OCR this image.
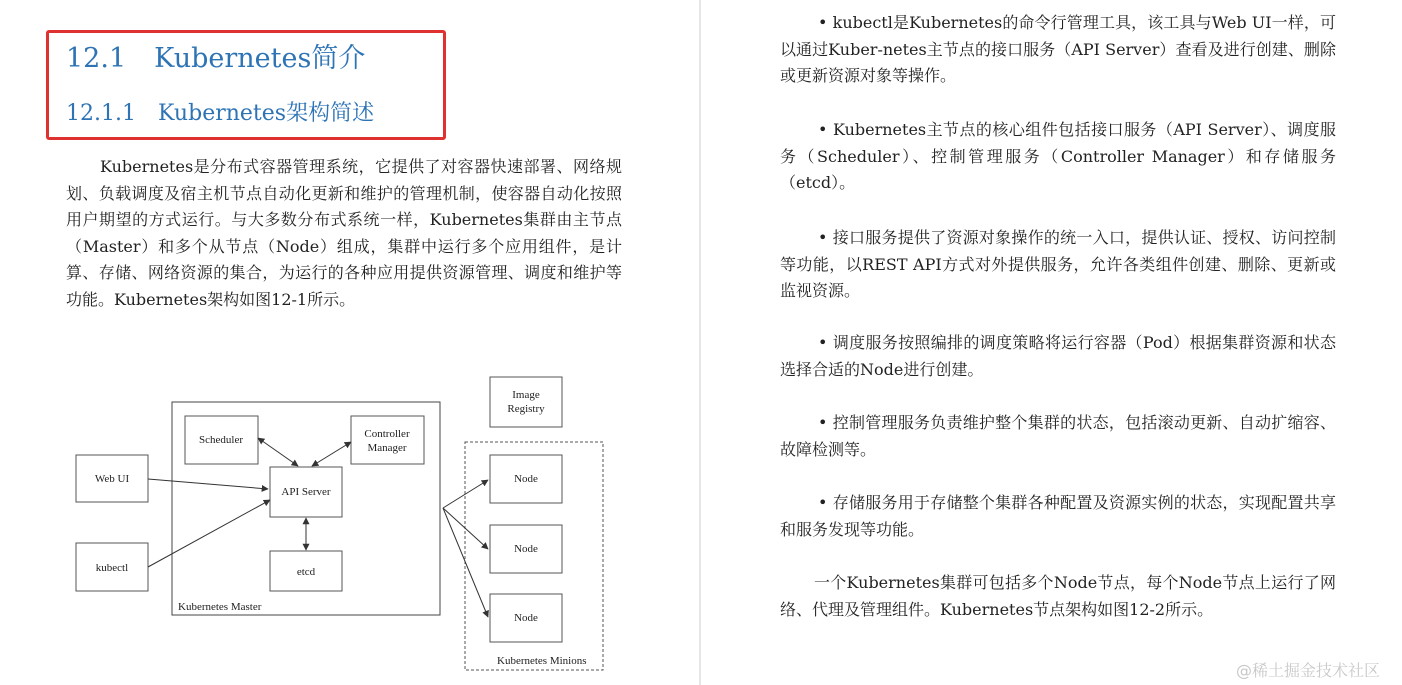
12.1 Kubernetes简介
12.1.1 Kubernetes架构简述
Kubernetes是分布式容器管理系统，它提供了对容器快速部署、网络规划、负载调度及宿主机节点自动化更新和维护的管理机制，使容器自动化按照用户期望的方式运行。与大多数分布式系统一样，Kubernetes集群由主节点（Master）和多个从节点（Node）组成，集群中运行多个应用组件，是计算、存储、网络资源的集合，为运行的各种应用提供资源管理、调度和维护等功能。Kubernetes架构如图12-1所示。
Kubernetes Master
Kubernetes Minions
Web UI
kubectl
Scheduler	Controller
Manager
API Server
etcd
Image
Registry
Node
Node
Node
• kubectl是Kubernetes的命令行管理工具，该工具与Web UI一样，可以通过Kuber-netes主节点的接口服务（API Server）查看及进行创建、删除或更新资源对象等操作。
• Kubernetes主节点的核心组件包括接口服务（API Server）、调度服务（Scheduler）、控制管理服务（Controller Manager）和存储服务（etcd）。
• 接口服务提供了资源对象操作的统一入口，提供认证、授权、访问控制等功能，以REST API方式对外提供服务，允许各类组件创建、删除、更新或监视资源。
• 调度服务按照编排的调度策略将运行容器（Pod）根据集群资源和状态选择合适的Node进行创建。
• 控制管理服务负责维护整个集群的状态，包括滚动更新、自动扩缩容、故障检测等。
• 存储服务用于存储整个集群各种配置及资源实例的状态，实现配置共享和服务发现等功能。
一个Kubernetes集群可包括多个Node节点，每个Node节点上运行了网络、代理及管理组件。Kubernetes节点架构如图12-2所示。
@稀土掘金技术社区
